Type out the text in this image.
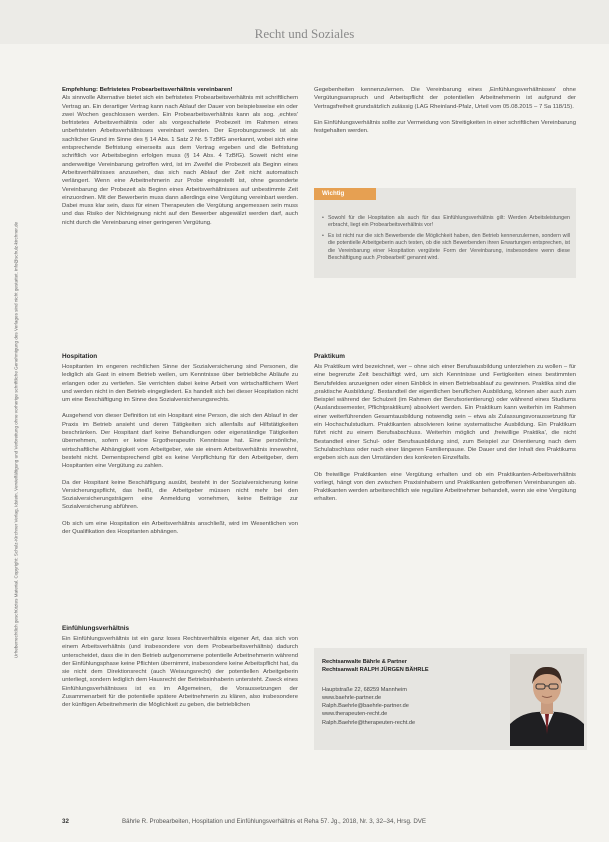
Recht und Soziales
Urheberrechtlich geschütztes Material. Copyright: Schulz-Kirchner Verlag, Idstein. Vervielfältigung und Verbreitung ohne vorherige schriftliche Genehmigung des Verlages sind nicht gestattet. info@schulz-kirchner.de

Empfehlung: Befristetes Probearbeitsverhältnis vereinbaren!
Als sinnvolle Alternative bietet sich ein befristetes Probearbeitsverhältnis mit schriftlichem Vertrag an. Ein derartiger Vertrag kann nach Ablauf der Dauer von beispielsweise ein oder zwei Wochen geschlossen werden. Ein Probearbeitsverhältnis kann als sog. ‚echtes' befristetes Arbeitsverhältnis oder als vorgeschaltete Probezeit im Rahmen eines unbefristeten Arbeitsverhältnisses vereinbart werden. Der Erprobungszweck ist als sachlicher Grund im Sinne des § 14 Abs. 1 Satz 2 Nr. 5 TzBfG anerkannt, wobei sich eine entsprechende Befristung einerseits aus dem Vertrag ergeben und die Befristung schriftlich vor Arbeitsbeginn erfolgen muss (§ 14 Abs. 4 TzBfG). Soweit nicht eine anderweitige Vereinbarung getroffen wird, ist im Zweifel die Probezeit als Beginn eines Arbeitsverhältnisses anzusehen, das sich nach Ablauf der Zeit nicht automatisch verlängert. Wenn eine Arbeitnehmerin zur Probe eingestellt ist, ohne gesonderte Vereinbarung der Probezeit als Beginn eines Arbeitsverhältnisses auf unbestimmte Zeit einzuordnen. Mit der Bewerberin muss dann allerdings eine Vergütung vereinbart werden. Dabei muss klar sein, dass für einen Therapeuten die Vergütung angemessen sein muss und das Risiko der Nichteignung nicht auf den Bewerber abgewälzt werden darf, auch nicht durch die Vereinbarung einer geringeren Vergütung.

Hospitation

Hospitanten im engeren rechtlichen Sinne der Sozialversicherung sind Personen, die lediglich als Gast in einem Betrieb weilen, um Kenntnisse über betriebliche Abläufe zu erlangen oder zu vertiefen. Sie verrichten dabei keine Arbeit von wirtschaftlichem Wert und werden nicht in den Betrieb eingegliedert. Es handelt sich bei dieser Hospitation nicht um eine Beschäftigung im Sinne des Sozialversicherungsrechts.

Ausgehend von dieser Definition ist ein Hospitant eine Person, die sich den Ablauf in der Praxis im Betrieb ansieht und deren Tätigkeiten sich allenfalls auf Hilfstätigkeiten beschränken. Der Hospitant darf keine Behandlungen oder eigenständige Tätigkeiten übernehmen, sofern er keine Ergotherapeutin Kenntnisse hat. Eine persönliche, wirtschaftliche Abhängigkeit vom Arbeitgeber, wie sie einem Arbeitsverhältnis innewohnt, besteht nicht. Dementsprechend gibt es keine Verpflichtung für den Arbeitgeber, dem Hospitanten eine Vergütung zu zahlen.

Da der Hospitant keine Beschäftigung ausübt, besteht in der Sozialversicherung keine Versicherungspflicht, das heißt, die Arbeitgeber müssen nicht mehr bei den Sozialversicherungsträgern eine Anmeldung vornehmen, keine Beiträge zur Sozialversicherung abführen.

Ob sich um eine Hospitation ein Arbeitsverhältnis anschließt, wird im Wesentlichen von der Qualifikation des Hospitanten abhängen.

Einfühlungsverhältnis

Ein Einfühlungsverhältnis ist ein ganz loses Rechtsverhältnis eigener Art, das sich von einem Arbeitsverhältnis (und insbesondere von dem Probearbeitsverhältnis) dadurch unterscheidet, dass die in den Betrieb aufgenommene potentielle Arbeitnehmerin während der Einfühlungsphase keine Pflichten übernimmt, insbesondere keine Arbeitspflicht hat, da sie nicht dem Direktionsrecht (auch Weisungsrecht) der potentiellen Arbeitgeberin unterliegt, sondern lediglich dem Hausrecht der Betriebsinhaberin untersteht. Zweck eines Einfühlungsverhältnisses ist es im Allgemeinen, die Voraussetzungen der Zusammenarbeit für die potentielle spätere Arbeitnehmerin zu klären, also insbesondere der künftigen Arbeitnehmerin die Möglichkeit zu geben, die betrieblichen

Gegebenheiten kennenzulernen. Die Vereinbarung eines ‚Einfühlungsverhältnisses' ohne Vergütungsanspruch und Arbeitspflicht der potentiellen Arbeitnehmerin ist aufgrund der Vertragsfreiheit grundsätzlich zulässig (LAG Rheinland-Pfalz, Urteil vom 05.08.2015 – 7 Sa 118/15).

Ein Einfühlungsverhältnis sollte zur Vermeidung von Streitigkeiten in einer schriftlichen Vereinbarung festgehalten werden.

Wichtig
• Sowohl für die Hospitation als auch für das Einfühlungsverhältnis gilt: Werden Arbeitsleistungen erbracht, liegt ein Probearbeitsverhältnis vor!
• Es ist nicht nur die sich Bewerbende die Möglichkeit haben, den Betrieb kennenzulernen, sondern will die potentielle Arbeitgeberin auch testen, ob die sich Bewerbenden ihren Erwartungen entsprechen, ist die Vereinbarung einer Hospitation vergütete Form der Vereinbarung, insbesondere wenn diese Beschäftigung auch ‚Probearbeit' genannt wird.
Praktikum

Als Praktikum wird bezeichnet, wer – ohne sich einer Berufsausbildung unterziehen zu wollen – für eine begrenzte Zeit beschäftigt wird, um sich Kenntnisse und Fertigkeiten eines bestimmten Berufsfeldes anzueignen oder einen Einblick in einen Betriebsablauf zu gewinnen. Praktika sind die ‚praktische Ausbildung'. Bestandteil der eigentlichen beruflichen Ausbildung, können aber auch zum Beispiel während der Schulzeit (im Rahmen der Berufsorientierung) oder während eines Studiums (Auslandssemester, Pflichtpraktikum) absolviert werden. Ein Praktikum kann weiterhin im Rahmen einer weiterführenden Gesamtausbildung notwendig sein – etwa als Zulassungsvoraussetzung für ein Hochschulstudium. Praktikanten absolvieren keine systematische Ausbildung. Ein Praktikum führt nicht zu einem Berufsabschluss. Weiterhin möglich und ‚freiwillige Praktika', die nicht Bestandteil einer Schul- oder Berufsausbildung sind, zum Beispiel zur Orientierung nach dem Schulabschluss oder nach einer längeren Familienpause. Die Dauer und der Inhalt des Praktikums ergeben sich aus den Umständen des konkreten Einzelfalls.

Ob freiwillige Praktikanten eine Vergütung erhalten und ob ein Praktikanten-Arbeitsverhältnis vorliegt, hängt von den zwischen Praxisinhabern und Praktikanten getroffenen Vereinbarungen ab. Praktikanten werden arbeitsrechtlich wie reguläre Arbeitnehmer behandelt, wenn sie eine Vergütung erhalten.

Rechtsanwalte Bährle & Partner
Rechtsanwalt RALPH JÜRGEN BÄHRLE
Hauptstraße 22, 68259 Mannheim
www.baehrle-partner.de
Ralph.Baehrle@baehrle-partner.de
www.therapeuten-recht.de
Ralph.Baehrle@therapeuten-recht.de
32	Bährle R. Probearbeiten, Hospitation und Einfühlungsverhältnis et Reha 57. Jg., 2018, Nr. 3, 32–34, Hrsg. DVE
